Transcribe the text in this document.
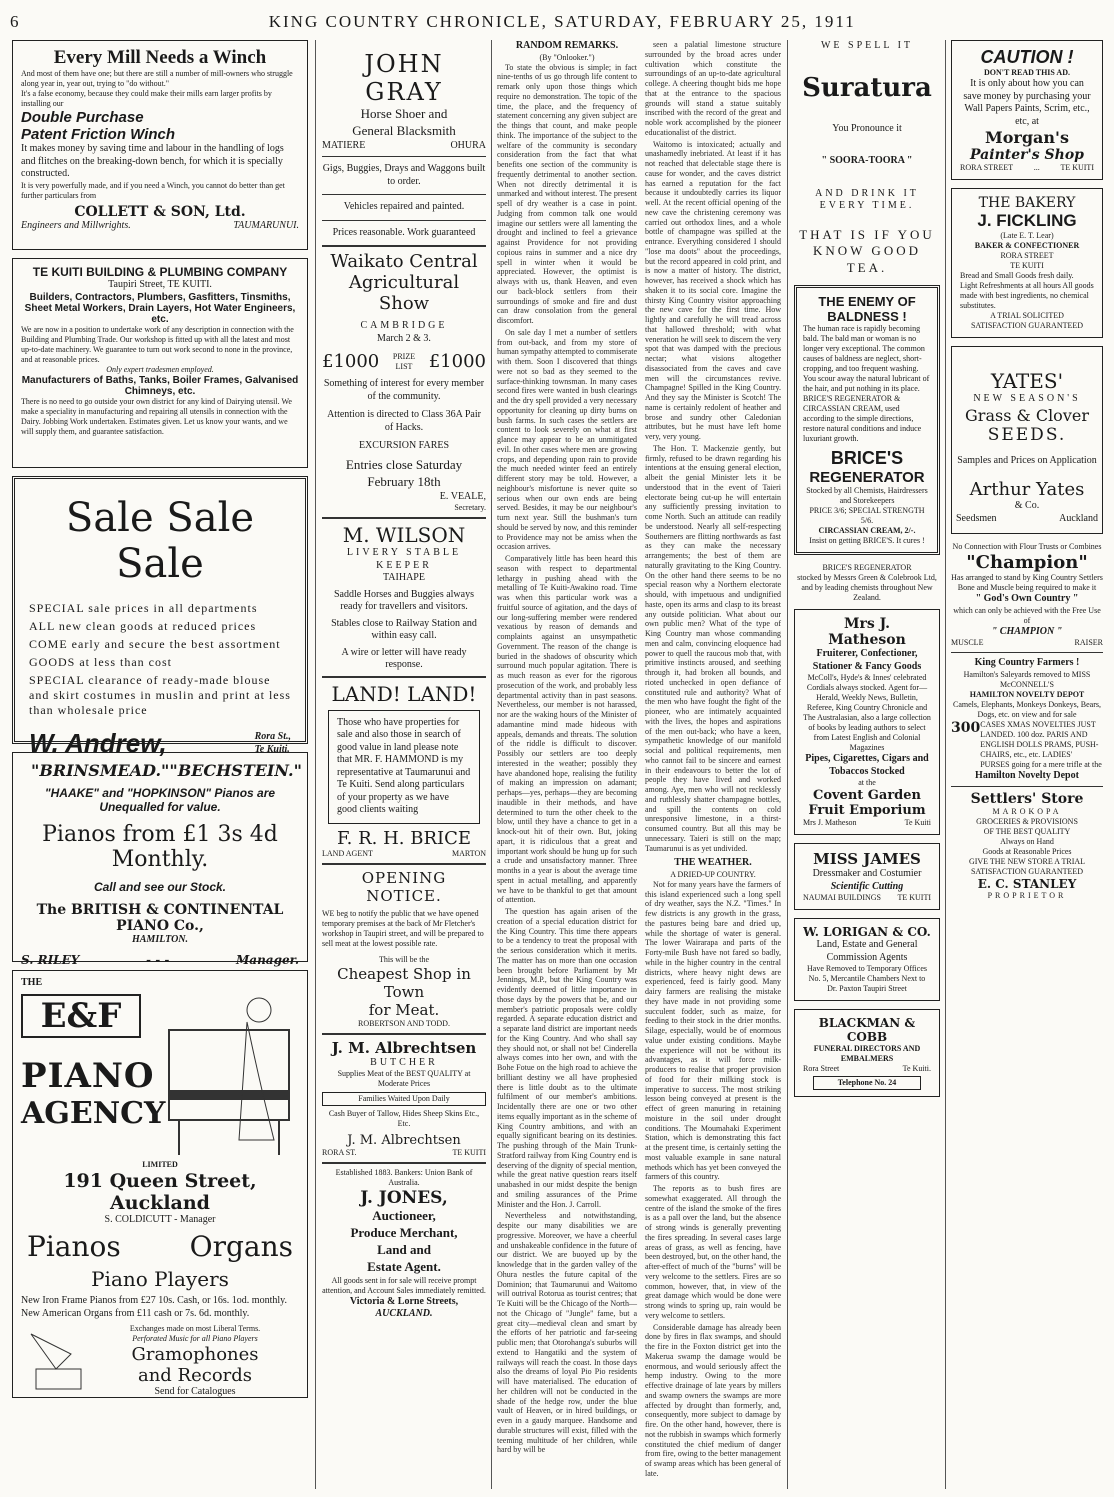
6	KING COUNTRY CHRONICLE, SATURDAY, FEBRUARY 25, 1911
Every Mill Needs a Winch
And most of them have one; but there are still a number of mill-owners who struggle along year in, year out, trying to "do without."
It's a false economy, because they could make their mills earn larger profits by installing our
Double Purchase
Patent Friction Winch
It makes money by saving time and labour in the handling of logs and flitches on the breaking-down bench, for which it is specially constructed.
It is very powerfully made, and if you need a Winch, you cannot do better than get further particulars from
COLLETT & SON, Ltd.
Engineers and Millwrights.	TAUMARUNUI.
TE KUITI BUILDING & PLUMBING COMPANY
Taupiri Street, TE KUITI.
Builders, Contractors, Plumbers, Gasfitters, Tinsmiths, Sheet Metal Workers, Drain Layers, Hot Water Engineers, etc.
We are now in a position to undertake work of any description in connection with the Building and Plumbing Trade. Our workshop is fitted up with all the latest and most up-to-date machinery. We guarantee to turn out work second to none in the province, and at reasonable prices.
Only expert tradesmen employed.
Manufacturers of Baths, Tanks, Boiler Frames, Galvanised Chimneys, etc.
There is no need to go outside your own district for any kind of Dairying utensil. We make a speciality in manufacturing and repairing all utensils in connection with the Dairy. Jobbing Work undertaken. Estimates given. Let us know your wants, and we will supply them, and guarantee satisfaction.
Sale Sale Sale
SPECIAL sale prices in all departments
ALL new clean goods at reduced prices
COME early and secure the best assortment
GOODS at less than cost
SPECIAL clearance of ready-made blouse and skirt costumes in muslin and print at less than wholesale price
W. Andrew,	Rora St.,
Te Kuiti.
"BRINSMEAD." "BECHSTEIN."
"HAAKE" and "HOPKINSON" Pianos are Unequalled for value.
Pianos from £1 3s 4d Monthly.
Call and see our Stock.
The BRITISH & CONTINENTAL PIANO Co.,
HAMILTON.
S. RILEY	- - -	Manager.
THE
E&F
PIANO
AGENCY
LIMITED
191 Queen Street, Auckland
S. COLDICUTT - Manager
Pianos Organs
Piano Players
New Iron Frame Pianos from £27 10s. Cash, or 16s. 1od. monthly. New American Organs from £11 cash or 7s. 6d. monthly.
Exchanges made on most Liberal Terms.
Perforated Music for all Piano Players
Gramophones
and Records
Send for Catalogues
JOHN GRAY
Horse Shoer and
General Blacksmith
MATIERE	OHURA
Gigs, Buggies, Drays and Waggons built to order.
Vehicles repaired and painted.
Prices reasonable. Work guaranteed
Waikato Central
Agricultural Show
CAMBRIDGE
March 2 & 3.
£1000 PRIZE
LIST £1000
Something of interest for every member of the community.
Attention is directed to Class 36A Pair of Hacks.
EXCURSION FARES
Entries close Saturday
February 18th
E. VEALE,
Secretary.
M. WILSON
LIVERY STABLE KEEPER
TAIHAPE
Saddle Horses and Buggies always ready for travellers and visitors.
Stables close to Railway Station and within easy call.
A wire or letter will have ready response.
LAND! LAND!
Those who have properties for sale and also those in search of good value in land please note that MR. F. HAMMOND is my representative at Taumarunui and Te Kuiti. Send along particulars of your property as we have good clients waiting
F. R. H. BRICE
LAND AGENT	MARTON
OPENING NOTICE.
WE beg to notify the public that we have opened temporary premises at the back of Mr Fletcher's workshop in Taupiri street, and will be prepared to sell meat at the lowest possible rate.
This will be the
Cheapest Shop in Town
for Meat.
ROBERTSON AND TODD.
J. M. Albrechtsen
BUTCHER
Supplies Meat of the BEST QUALITY at Moderate Prices
Families Waited Upon Daily
Cash Buyer of Tallow, Hides Sheep Skins Etc., Etc.
J. M. Albrechtsen
RORA ST.	TE KUITI
Established 1883. Bankers: Union Bank of Australia.
J. JONES,
Auctioneer,
Produce Merchant,
Land and
Estate Agent.
All goods sent in for sale will receive prompt attention, and Account Sales immediately remitted.
Victoria & Lorne Streets,
AUCKLAND.
RANDOM REMARKS.
(By "Onlooker.")

To state the obvious is simple; in fact nine-tenths of us go through life content to remark only upon those things which require no demonstration. The topic of the time, the place, and the frequency of statement concerning any given subject are the things that count, and make people think. The importance of the subject to the welfare of the community is secondary consideration from the fact that what benefits one section of the community is frequently detrimental to another section. When not directly detrimental it is unmarked and without interest. The present spell of dry weather is a case in point. Judging from common talk one would imagine our settlers were all lamenting the drought and inclined to feel a grievance against Providence for not providing copious rains in summer and a nice dry spell in winter when it would be appreciated. However, the optimist is always with us, thank Heaven, and even our back-block settlers from their surroundings of smoke and fire and dust can draw consolation from the general discomfort.

On sale day I met a number of settlers from out-back, and from my store of human sympathy attempted to commiserate with them. Soon I discovered that things were not so bad as they seemed to the surface-thinking townsman. In many cases second fires were wanted in bush clearings and the dry spell provided a very necessary opportunity for cleaning up dirty burns on bush farms. In such cases the settlers are content to look severely on what at first glance may appear to be an unmitigated evil. In other cases where men are growing crops, and depending upon rain to provide the much needed winter feed an entirely different story may be told. However, a neighbour's misfortune is never quite so serious when our own ends are being served. Besides, it may be our neighbour's turn next year. Still the bushman's turn should be served by now, and this reminder to Providence may not be amiss when the occasion arrives.

Comparatively little has been heard this season with respect to departmental lethargy in pushing ahead with the metalling of Te Kuiti-Awakino road. Time was when this particular work was a fruitful source of agitation, and the days of our long-suffering member were rendered vexatious by reason of demands and complaints against an unsympathetic Government. The reason of the change is buried in the shadows of obscurity which surround much popular agitation. There is as much reason as ever for the rigorous prosecution of the work, and probably less departmental activity than in past seasons. Nevertheless, our member is not harassed, nor are the waking hours of the Minister of adamantine mind made hideous with appeals, demands and threats. The solution of the riddle is difficult to discover. Possibly our settlers are too deeply interested in the weather; possibly they have abandoned hope, realising the futility of making an impression on adamant; perhaps—yes, perhaps—they are becoming inaudible in their methods, and have determined to turn the other cheek to the blow, until they have a chance to get in a knock-out hit of their own. But, joking apart, it is ridiculous that a great and important work should be hung up for such a crude and unsatisfactory manner. Three months in a year is about the average time spent in actual metalling, and apparently we have to be thankful to get that amount of attention.

The question has again arisen of the creation of a special education district for the King Country. This time there appears to be a tendency to treat the proposal with the serious consideration which it merits. The matter has on more than one occasion been brought before Parliament by Mr Jennings, M.P., but the King Country was evidently deemed of little importance in those days by the powers that be, and our member's patriotic proposals were coldly regarded. A separate education district and a separate land district are important needs for the King Country. And who shall say they should not, or shall not be! Cinderella always comes into her own, and with the Bohe Fotue on the high road to achieve the brilliant destiny we all have prophesied there is little doubt as to the ultimate fulfilment of our member's ambitions. Incidentally there are one or two other items equally important as in the scheme of King Country ambitions, and with an equally significant bearing on its destinies. The pushing through of the Main Trunk-Stratford railway from King Country end is deserving of the dignity of special mention, while the great native question rears itself unabashed in our midst despite the benign and smiling assurances of the Prime Minister and the Hon. J. Carroll.

Nevertheless and notwithstanding, despite our many disabilities we are progressive. Moreover, we have a cheerful and unshakeable confidence in the future of our district. We are buoyed up by the knowledge that in the garden valley of the Ohura nestles the future capital of the Dominion; that Taumarunui and Waitomo will outrival Rotorua as tourist centres; that Te Kuiti will be the Chicago of the North—not the Chicago of "Jungle" fame, but a great city—medieval clean and smart by the efforts of her patriotic and far-seeing public men; that Otorohanga's suburbs will extend to Hangatiki and the system of railways will reach the coast. In those days also the dreams of loyal Pio Pio residents will have materialised. The education of her children will not be conducted in the shade of the hedge row, under the blue vault of Heaven, or in hired buildings, or even in a gaudy marquee. Handsome and durable structures will exist, filled with the teeming multitude of her children, while hard by will be

seen a palatial limestone structure surrounded by the broad acres under cultivation which constitute the surroundings of an up-to-date agricultural college. A cheering thought bids me hope that at the entrance to the spacious grounds will stand a statue suitably inscribed with the record of the great and noble work accomplished by the pioneer educationalist of the district.

Waitomo is intoxicated; actually and unashamedly inebriated. At least if it has not reached that delectable stage there is cause for wonder, and the caves district has earned a reputation for the fact because it undoubtedly carries its liquor well. At the recent official opening of the new cave the christening ceremony was carried out orthodox lines, and a whole bottle of champagne was spilled at the entrance. Everything considered I should "lose ma doots" about the proceedings, but the record appeared in cold print, and is now a matter of history. The district, however, has received a shock which has shaken it to its social core. Imagine the thirsty King Country visitor approaching the new cave for the first time. How lightly and carefully he will tread across that hallowed threshold; with what veneration he will seek to discern the very spot that was damped with the precious nectar; what visions altogether disassociated from the caves and cave men will the circumstances revive. Champagne! Spilled in the King Country. And they say the Minister is Scotch! The name is certainly redolent of heather and brose and sundry other Caledonian attributes, but he must have left home very, very young.

The Hon. T. Mackenzie gently, but firmly, refused to be drawn regarding his intentions at the ensuing general election, albeit the genial Minister lets it be understood that in the event of Taieri electorate being cut-up he will entertain any sufficiently pressing invitation to come North. Such an attitude can readily be understood. Nearly all self-respecting Southerners are flitting northwards as fast as they can make the necessary arrangements; the best of them are naturally gravitating to the King Country. On the other hand there seems to be no special reason why a Northern electorate should, with impetuous and undignified haste, open its arms and clasp to its breast any outside politician. What about our own public men? What of the type of King Country man whose commanding men and calm, convincing eloquence had power to quell the raucous mob that, with primitive instincts aroused, and seething through it, had broken all bounds, and rioted unchecked in open defiance of constituted rule and authority? What of the men who have fought the fight of the pioneer, who are intimately acquainted with the lives, the hopes and aspirations of the men out-back; who have a keen, sympathetic knowledge of our manifold social and political requirements, men who cannot fail to be sincere and earnest in their endeavours to better the lot of people they have lived and worked among. Aye, men who will not recklessly and ruthlessly shatter champagne bottles, and spill the contents on cold unresponsive limestone, in a thirst-consumed country. But all this may be unnecessary. Taieri is still on the map; Taumarunui is as yet undivided.

THE WEATHER.
A DRIED-UP COUNTRY.

Not for many years have the farmers of this island experienced such a long spell of dry weather, says the N.Z. "Times." In few districts is any growth in the grass, the pastures being bare and dried up, while the shortage of water is general. The lower Wairarapa and parts of the Forty-mile Bush have not fared so badly, while in the higher country in the central districts, where heavy night dews are experienced, feed is fairly good. Many dairy farmers are realising the mistake they have made in not providing some succulent fodder, such as maize, for feeding to their stock in the drier months. Silage, especially, would be of enormous value under existing conditions. Maybe the experience will not be without its advantages, as it will force milk-producers to realise that proper provision of food for their milking stock is imperative to success. The most striking lesson being conveyed at present is the effect of green manuring in retaining moisture in the soil under drought conditions. The Moumahaki Experiment Station, which is demonstrating this fact at the present time, is certainly setting the most valuable example in sane natural methods which has yet been conveyed the farmers of this country.

The reports as to bush fires are somewhat exaggerated. All through the centre of the island the smoke of the fires is as a pall over the land, but the absence of strong winds is generally preventing the fires spreading. In several cases large areas of grass, as well as fencing, have been destroyed, but, on the other hand, the after-effect of much of the "burns" will be very welcome to the settlers. Fires are so common, however, that, in view of the great damage which would be done were strong winds to spring up, rain would be very welcome to settlers.

Considerable damage has already been done by fires in flax swamps, and should the fire in the Foxton district get into the Makerua swamp the damage would be enormous, and would seriously affect the hemp industry. Owing to the more effective drainage of late years by millers and swamp owners the swamps are more affected by drought than formerly, and, consequently, more subject to damage by fire. On the other hand, however, there is not the rubbish in swamps which formerly constituted the chief medium of danger from fire, owing to the better management of swamp areas which has been general of late.

WE SPELL IT
Suratura
You Pronounce it
" SOORA-TOORA "
AND DRINK IT
EVERY TIME.
THAT IS IF YOU
KNOW GOOD TEA.
THE ENEMY OF
BALDNESS !
The human race is rapidly becoming bald. The bald man or woman is no longer very exceptional. The common causes of baldness are neglect, short-cropping, and too frequent washing. You scour away the natural lubricant of the hair, and put nothing in its place. BRICE'S REGENERATOR & CIRCASSIAN CREAM, used according to the simple directions, restore natural conditions and induce luxuriant growth.
BRICE'S
REGENERATOR
Stocked by all Chemists, Hairdressers and Storekeepers
PRICE 3/6; SPECIAL STRENGTH 5/6.
CIRCASSIAN CREAM, 2/-.
Insist on getting BRICE'S. It cures !
BRICE'S REGENERATOR
stocked by Messrs Green & Colebrook Ltd, and by leading chemists throughout New Zealand.
Mrs J. Matheson
Fruiterer, Confectioner, Stationer & Fancy Goods
McColl's, Hyde's & Innes' celebrated Cordials always stocked. Agent for—Herald, Weekly News, Bulletin, Referee, King Country Chronicle and The Australasian, also a large collection of books by leading authors to select from Latest English and Colonial Magazines
Pipes, Cigarettes, Cigars and Tobaccos Stocked
at the
Covent Garden
Fruit Emporium
Mrs J. Matheson	Te Kuiti
MISS JAMES
Dressmaker and Costumier
Scientific Cutting
NAUMAI BUILDINGS TE KUITI
W. LORIGAN & CO.
Land, Estate and General Commission Agents
Have Removed to Temporary Offices
No. 5, Mercantile Chambers Next to Dr. Paxton Taupiri Street
BLACKMAN & COBB
FUNERAL DIRECTORS AND EMBALMERS
Rora Street	Te Kuiti.
Telephone No. 24
CAUTION !
DON'T READ THIS AD.
It is only about how you can save money by purchasing your Wall Papers Paints, Scrim, etc., etc, at
Morgan's
Painter's Shop
RORA STREET	...	TE KUITI
THE BAKERY
J. FICKLING
(Late E. T. Lear)
BAKER & CONFECTIONER
RORA STREET
TE KUITI
Bread and Small Goods fresh daily.
Light Refreshments at all hours All goods made with best ingredients, no chemical substitutes.
A TRIAL SOLICITED
SATISFACTION GUARANTEED
YATES'
NEW SEASON'S
Grass & Clover
SEEDS.
Samples and Prices on Application
Arthur Yates
& Co.
Seedsmen	Auckland
No Connection with Flour Trusts or Combines
"Champion"
Has arranged to stand by King Country Settlers Bone and Muscle being required to make it
" God's Own Country "
which can only be achieved with the Free Use of
" CHAMPION "
MUSCLE	RAISER
King Country Farmers !
Hamilton's Saleyards removed to MISS McCONNELL'S
HAMILTON NOVELTY DEPOT
Camels, Elephants, Monkeys Donkeys, Bears, Dogs, etc. on view and for sale
300 CASES XMAS NOVELTIES JUST LANDED. 100 doz. PARIS AND ENGLISH DOLLS PRAMS, PUSH-CHAIRS, etc., etc. LADIES' PURSES going for a mere trifle at the
Hamilton Novelty Depot
Settlers' Store
MAROKOPA
GROCERIES & PROVISIONS
OF THE BEST QUALITY
Always on Hand
Goods at Reasonable Prices
GIVE THE NEW STORE A TRIAL
SATISFACTION GUARANTEED
E. C. STANLEY
PROPRIETOR
